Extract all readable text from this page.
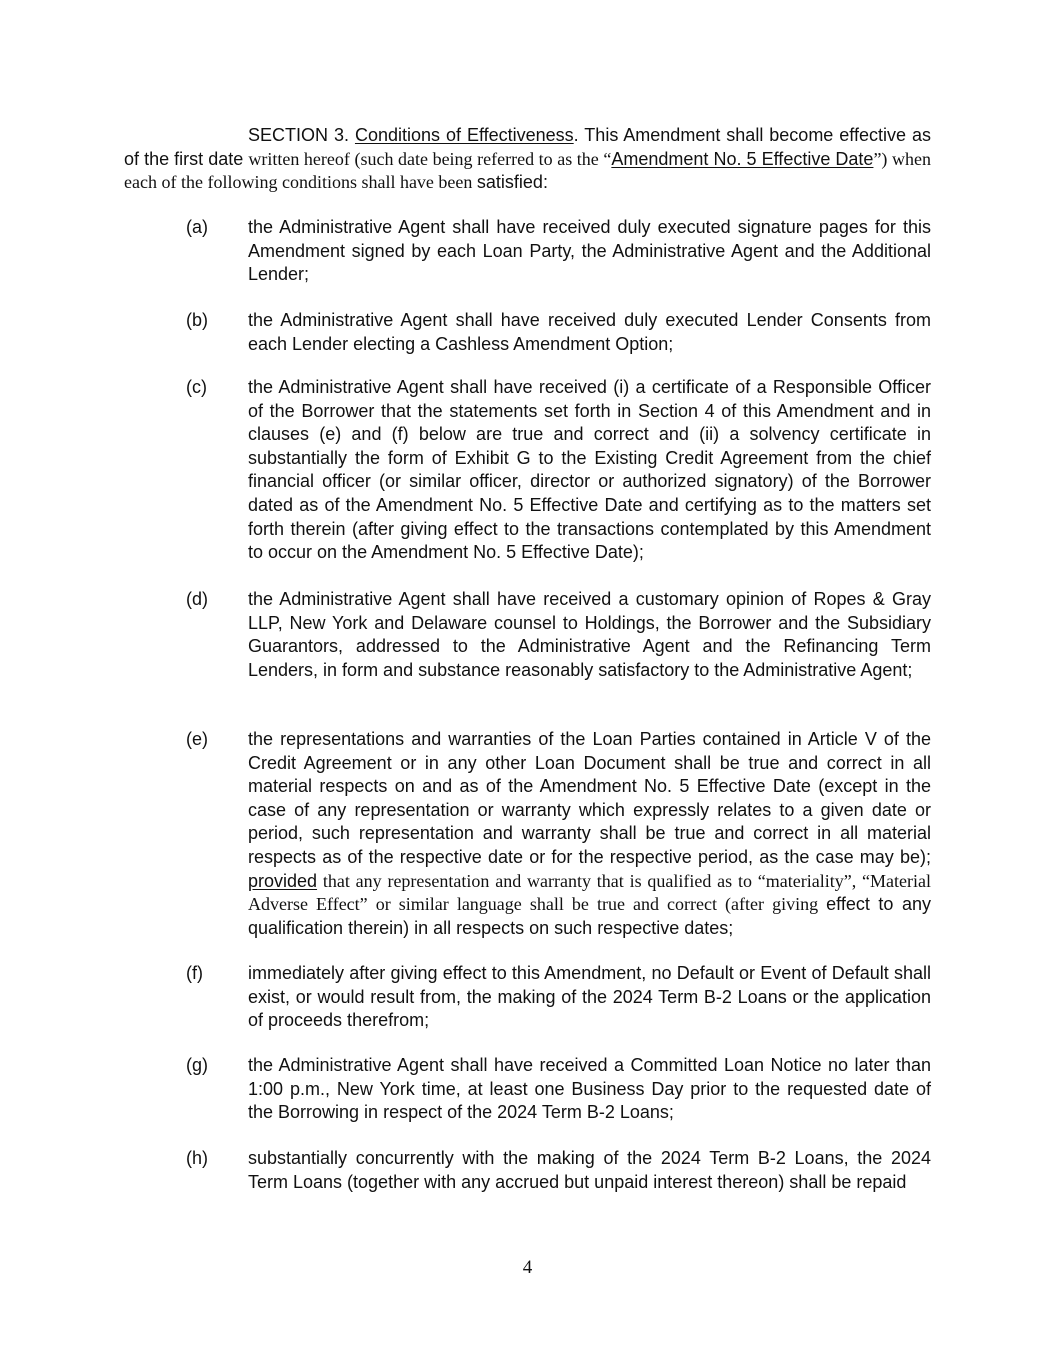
SECTION 3. Conditions of Effectiveness. This Amendment shall become effective as of the first date written hereof (such date being referred to as the “Amendment No. 5 Effective Date”) when each of the following conditions shall have been satisfied:

(a) the Administrative Agent shall have received duly executed signature pages for this Amendment signed by each Loan Party, the Administrative Agent and the Additional Lender;

(b) the Administrative Agent shall have received duly executed Lender Consents from each Lender electing a Cashless Amendment Option;

(c) the Administrative Agent shall have received (i) a certificate of a Responsible Officer of the Borrower that the statements set forth in Section 4 of this Amendment and in clauses (e) and (f) below are true and correct and (ii) a solvency certificate in substantially the form of Exhibit G to the Existing Credit Agreement from the chief financial officer (or similar officer, director or authorized signatory) of the Borrower dated as of the Amendment No. 5 Effective Date and certifying as to the matters set forth therein (after giving effect to the transactions contemplated by this Amendment to occur on the Amendment No. 5 Effective Date);

(d) the Administrative Agent shall have received a customary opinion of Ropes & Gray LLP, New York and Delaware counsel to Holdings, the Borrower and the Subsidiary Guarantors, addressed to the Administrative Agent and the Refinancing Term Lenders, in form and substance reasonably satisfactory to the Administrative Agent;

(e) the representations and warranties of the Loan Parties contained in Article V of the Credit Agreement or in any other Loan Document shall be true and correct in all material respects on and as of the Amendment No. 5 Effective Date (except in the case of any representation or warranty which expressly relates to a given date or period, such representation and warranty shall be true and correct in all material respects as of the respective date or for the respective period, as the case may be); provided that any representation and warranty that is qualified as to “materiality”, “Material Adverse Effect” or similar language shall be true and correct (after giving effect to any qualification therein) in all respects on such respective dates;

(f)	immediately after giving effect to this Amendment, no Default or Event of Default shall exist, or would result from, the making of the 2024 Term B-2 Loans or the application of proceeds therefrom;

(g) the Administrative Agent shall have received a Committed Loan Notice no later than 1:00 p.m., New York time, at least one Business Day prior to the requested date of the Borrowing in respect of the 2024 Term B-2 Loans;

(h) substantially concurrently with the making of the 2024 Term B-2 Loans, the 2024 Term Loans (together with any accrued but unpaid interest thereon) shall be repaid

4
